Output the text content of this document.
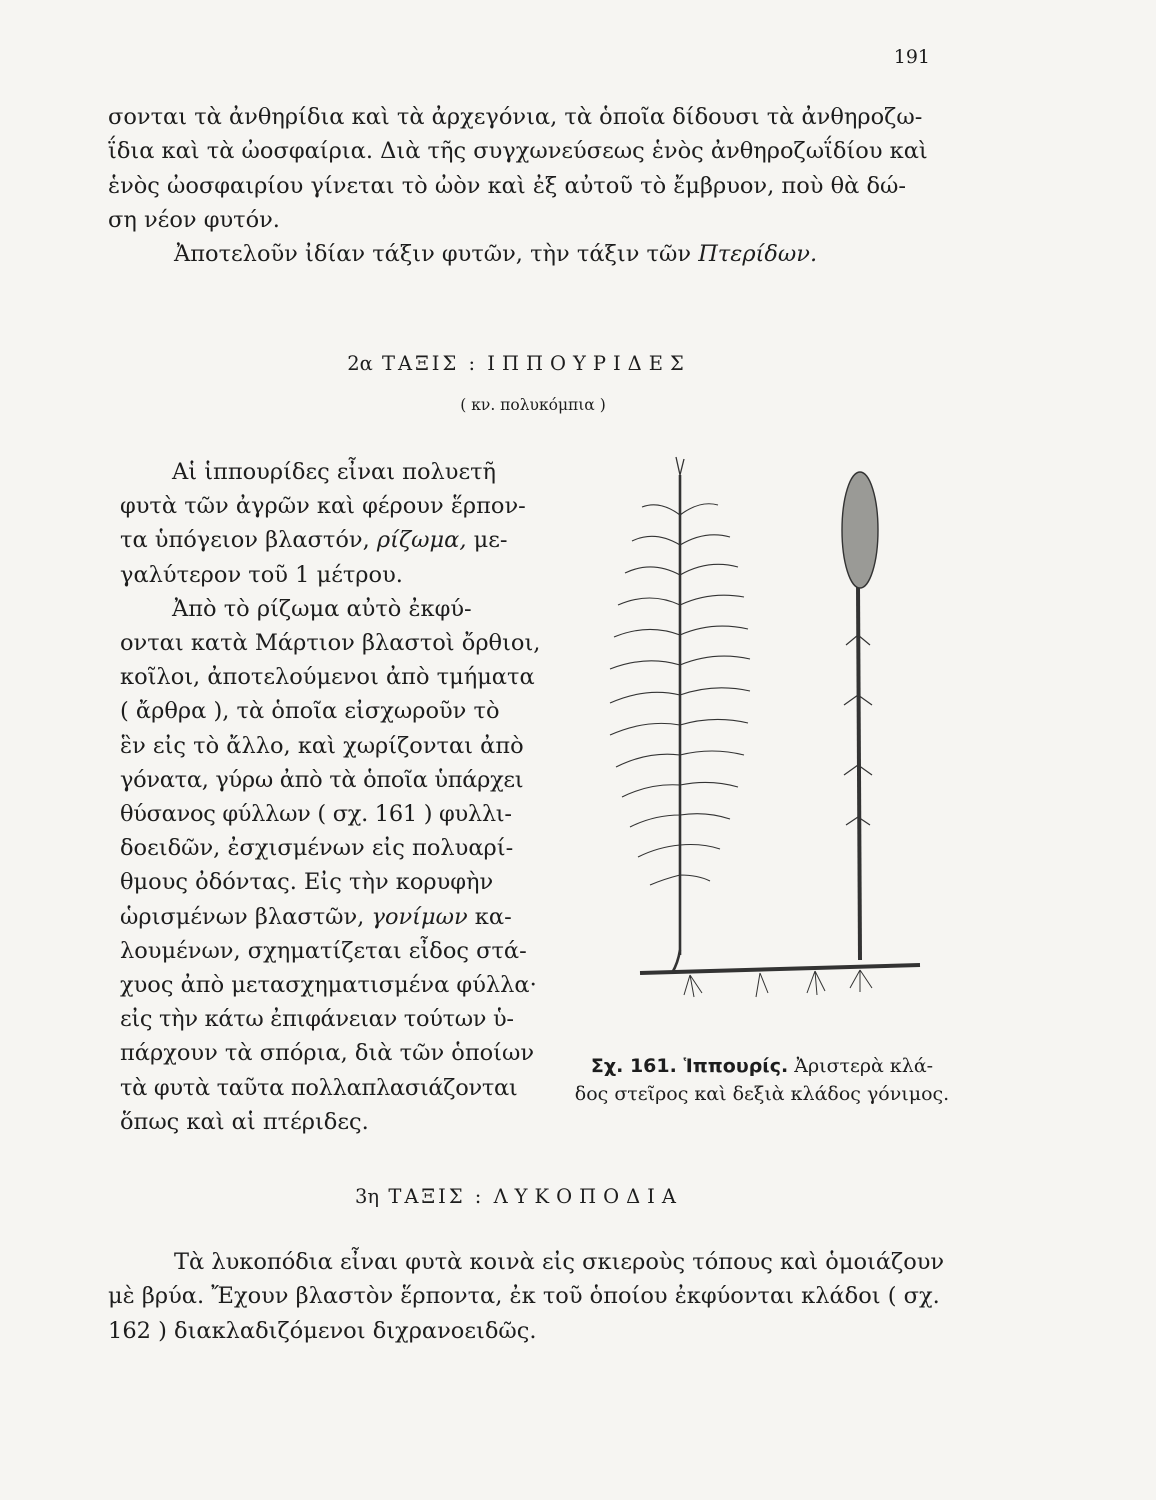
191
σονται τὰ ἀνθηρίδια καὶ τὰ ἀρχεγόνια, τὰ ὁποῖα δίδουσι τὰ ἀνθηροζω-
ΐδια καὶ τὰ ὠοσφαίρια. Διὰ τῆς συγχωνεύσεως ἑνὸς ἀνθηροζωΐδίου καὶ
ἑνὸς ὠοσφαιρίου γίνεται τὸ ὠὸν καὶ ἐξ αὐτοῦ τὸ ἔμβρυον, ποὺ θὰ δώ-
ση νέον φυτόν.
Ἀποτελοῦν ἰδίαν τάξιν φυτῶν, τὴν τάξιν τῶν Πτερίδων.
2α ΤΑΞΙΣ : ΙΠΠΟΥΡΙΔΕΣ
( κν. πολυκόμπια )
Αἱ ἱππουρίδες εἶναι πολυετῆ
φυτὰ τῶν ἀγρῶν καὶ φέρουν ἕρπον-
τα ὑπόγειον βλαστόν, ρίζωμα, με-
γαλύτερον τοῦ 1 μέτρου.
Ἀπὸ τὸ ρίζωμα αὐτὸ ἐκφύ-
ονται κατὰ Μάρτιον βλαστοὶ ὄρθιοι,
κοῖλοι, ἀποτελούμενοι ἀπὸ τμήματα
( ἄρθρα ), τὰ ὁποῖα εἰσχωροῦν τὸ
ἓν εἰς τὸ ἄλλο, καὶ χωρίζονται ἀπὸ
γόνατα, γύρω ἀπὸ τὰ ὁποῖα ὑπάρχει
θύσανος φύλλων ( σχ. 161 ) φυλλι-
δοειδῶν, ἐσχισμένων εἰς πολυαρί-
θμους ὀδόντας. Εἰς τὴν κορυφὴν
ὡρισμένων βλαστῶν, γονίμων κα-
λουμένων, σχηματίζεται εἶδος στά-
χυος ἀπὸ μετασχηματισμένα φύλλα·
εἰς τὴν κάτω ἐπιφάνειαν τούτων ὑ-
πάρχουν τὰ σπόρια, διὰ τῶν ὁποίων
τὰ φυτὰ ταῦτα πολλαπλασιάζονται
ὅπως καὶ αἱ πτέριδες.
Σχ. 161. Ἱππουρίς. Ἀριστερὰ κλά-
δος στεῖρος καὶ δεξιὰ κλάδος γόνιμος.
3η ΤΑΞΙΣ : ΛΥΚΟΠΟΔΙΑ
Τὰ λυκοπόδια εἶναι φυτὰ κοινὰ εἰς σκιεροὺς τόπους καὶ ὁμοιάζουν
μὲ βρύα. Ἔχουν βλαστὸν ἕρποντα, ἐκ τοῦ ὁποίου ἐκφύονται κλάδοι ( σχ.
162 ) διακλαδιζόμενοι διχρανοειδῶς.
